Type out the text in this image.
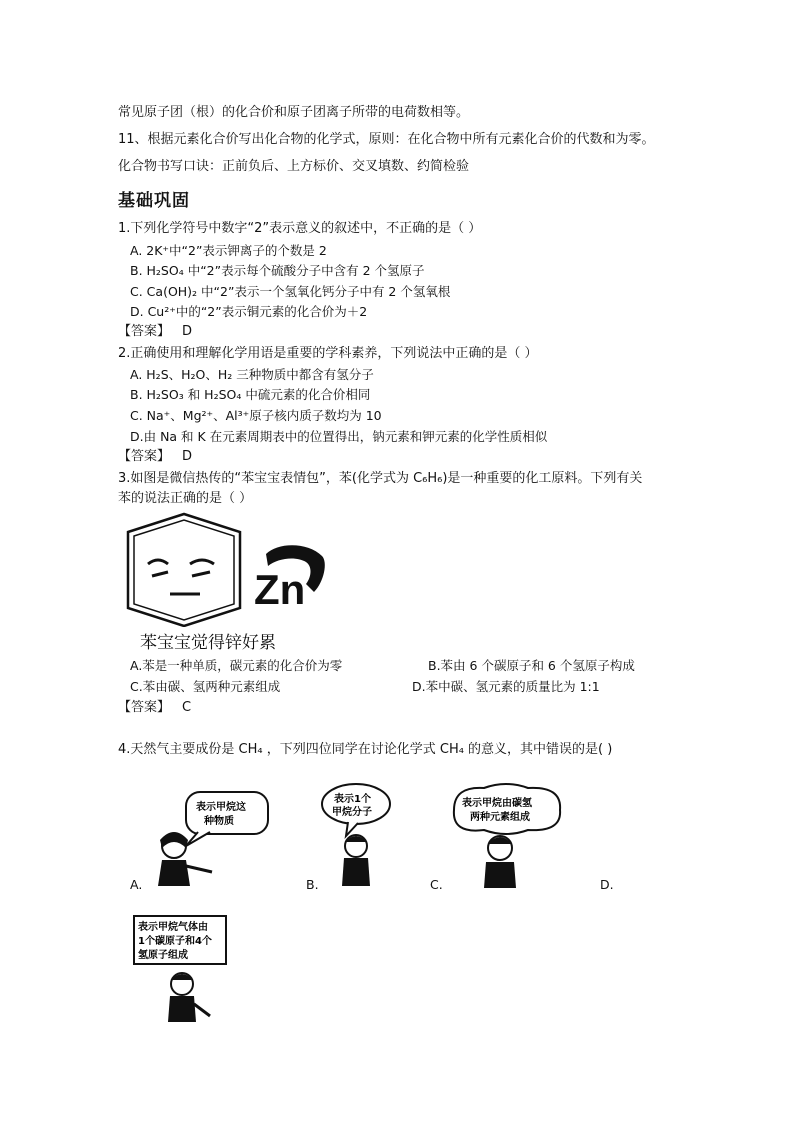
常见原子团（根）的化合价和原子团离子所带的电荷数相等。
11、根据元素化合价写出化合物的化学式，原则：在化合物中所有元素化合价的代数和为零。
化合物书写口诀：正前负后、上方标价、交叉填数、约简检验
基础巩固
1.下列化学符号中数字“2”表示意义的叙述中，不正确的是（ ）
A. 2K⁺中“2”表示钾离子的个数是 2
B. H₂SO₄ 中“2”表示每个硫酸分子中含有 2 个氢原子
C. Ca(OH)₂ 中“2”表示一个氢氧化钙分子中有 2 个氢氧根
D. Cu²⁺中的“2”表示铜元素的化合价为＋2
【答案】 D
2.正确使用和理解化学用语是重要的学科素养，下列说法中正确的是（ ）
A. H₂S、H₂O、H₂ 三种物质中都含有氢分子
B. H₂SO₃ 和 H₂SO₄ 中硫元素的化合价相同
C. Na⁺、Mg²⁺、Al³⁺原子核内质子数均为 10
D.由 Na 和 K 在元素周期表中的位置得出，钠元素和钾元素的化学性质相似
【答案】 D
3.如图是微信热传的“苯宝宝表情包”，苯(化学式为 C₆H₆)是一种重要的化工原料。下列有关
苯的说法正确的是（ ）
Zn
苯宝宝觉得锌好累
A.苯是一种单质，碳元素的化合价为零	B.苯由 6 个碳原子和 6 个氢原子构成
C.苯由碳、氢两种元素组成	D.苯中碳、氢元素的质量比为 1:1
【答案】 C
4.天然气主要成份是 CH₄ ，下列四位同学在讨论化学式 CH₄ 的意义，其中错误的是( )
表示甲烷这
种物质
表示1个
甲烷分子
表示甲烷由碳氢
两种元素组成
表示甲烷气体由
1个碳原子和4个
氢原子组成
A.	B.	C.	D.
